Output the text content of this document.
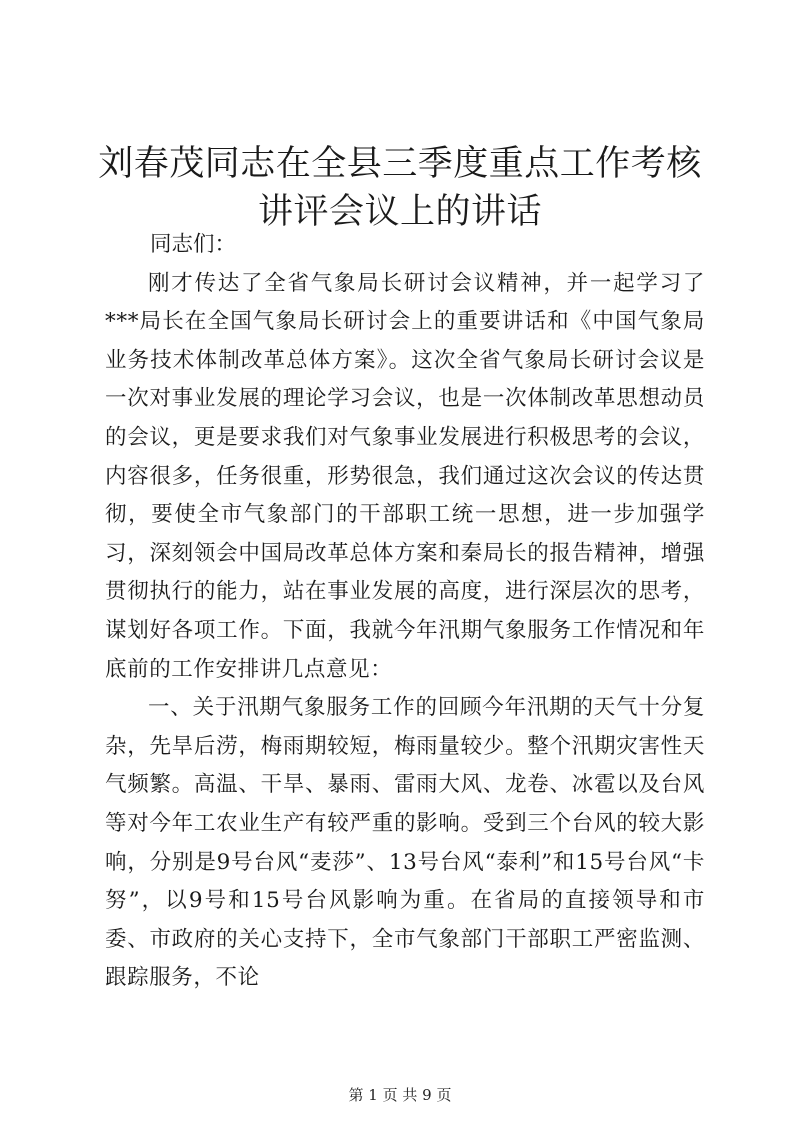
刘春茂同志在全县三季度重点工作考核讲评会议上的讲话

同志们：

刚才传达了全省气象局长研讨会议精神，并一起学习了***局长在全国气象局长研讨会上的重要讲话和《中国气象局业务技术体制改革总体方案》。这次全省气象局长研讨会议是一次对事业发展的理论学习会议，也是一次体制改革思想动员的会议，更是要求我们对气象事业发展进行积极思考的会议，内容很多，任务很重，形势很急，我们通过这次会议的传达贯彻，要使全市气象部门的干部职工统一思想，进一步加强学习，深刻领会中国局改革总体方案和秦局长的报告精神，增强贯彻执行的能力，站在事业发展的高度，进行深层次的思考，谋划好各项工作。下面，我就今年汛期气象服务工作情况和年底前的工作安排讲几点意见：

一、关于汛期气象服务工作的回顾今年汛期的天气十分复杂，先旱后涝，梅雨期较短，梅雨量较少。整个汛期灾害性天气频繁。高温、干旱、暴雨、雷雨大风、龙卷、冰雹以及台风等对今年工农业生产有较严重的影响。受到三个台风的较大影响，分别是9号台风“麦莎”、13号台风“泰利”和15号台风“卡努”，以9号和15号台风影响为重。在省局的直接领导和市委、市政府的关心支持下，全市气象部门干部职工严密监测、跟踪服务，不论

第 1 页 共 9 页
